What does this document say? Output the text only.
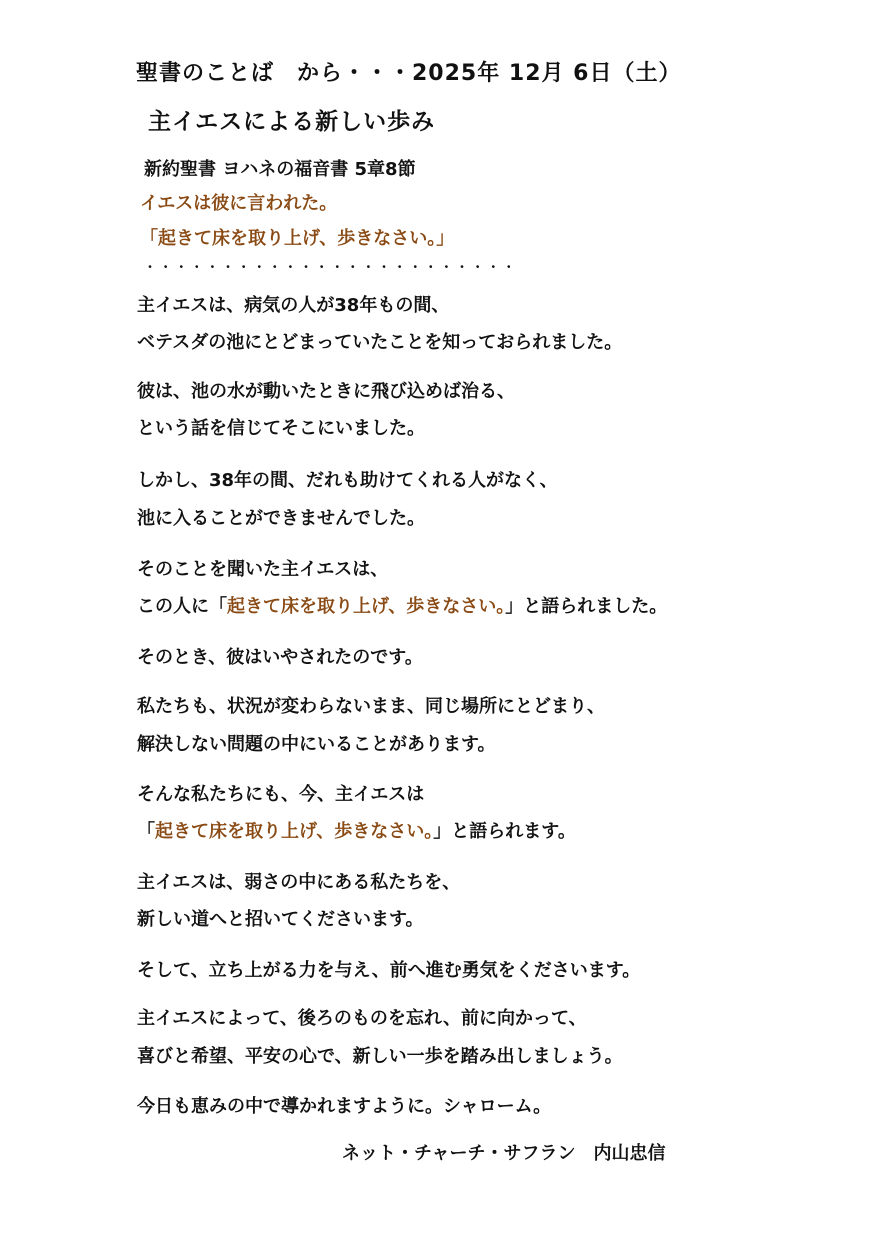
聖書のことば　から・・・2025年 12月 6日（土）
主イエスによる新しい歩み
新約聖書 ヨハネの福音書 5章8節
イエスは彼に言われた。
「起きて床を取り上げ、歩きなさい。」
・・・・・・・・・・・・・・・・・・・・・・・・
主イエスは、病気の人が38年もの間、
ベテスダの池にとどまっていたことを知っておられました。
彼は、池の水が動いたときに飛び込めば治る、
という話を信じてそこにいました。
しかし、38年の間、だれも助けてくれる人がなく、
池に入ることができませんでした。
そのことを聞いた主イエスは、
この人に「起きて床を取り上げ、歩きなさい。」と語られました。
そのとき、彼はいやされたのです。
私たちも、状況が変わらないまま、同じ場所にとどまり、
解決しない問題の中にいることがあります。
そんな私たちにも、今、主イエスは
「起きて床を取り上げ、歩きなさい。」と語られます。
主イエスは、弱さの中にある私たちを、
新しい道へと招いてくださいます。
そして、立ち上がる力を与え、前へ進む勇気をくださいます。
主イエスによって、後ろのものを忘れ、前に向かって、
喜びと希望、平安の心で、新しい一歩を踏み出しましょう。
今日も恵みの中で導かれますように。シャローム。
ネット・チャーチ・サフラン　内山忠信
